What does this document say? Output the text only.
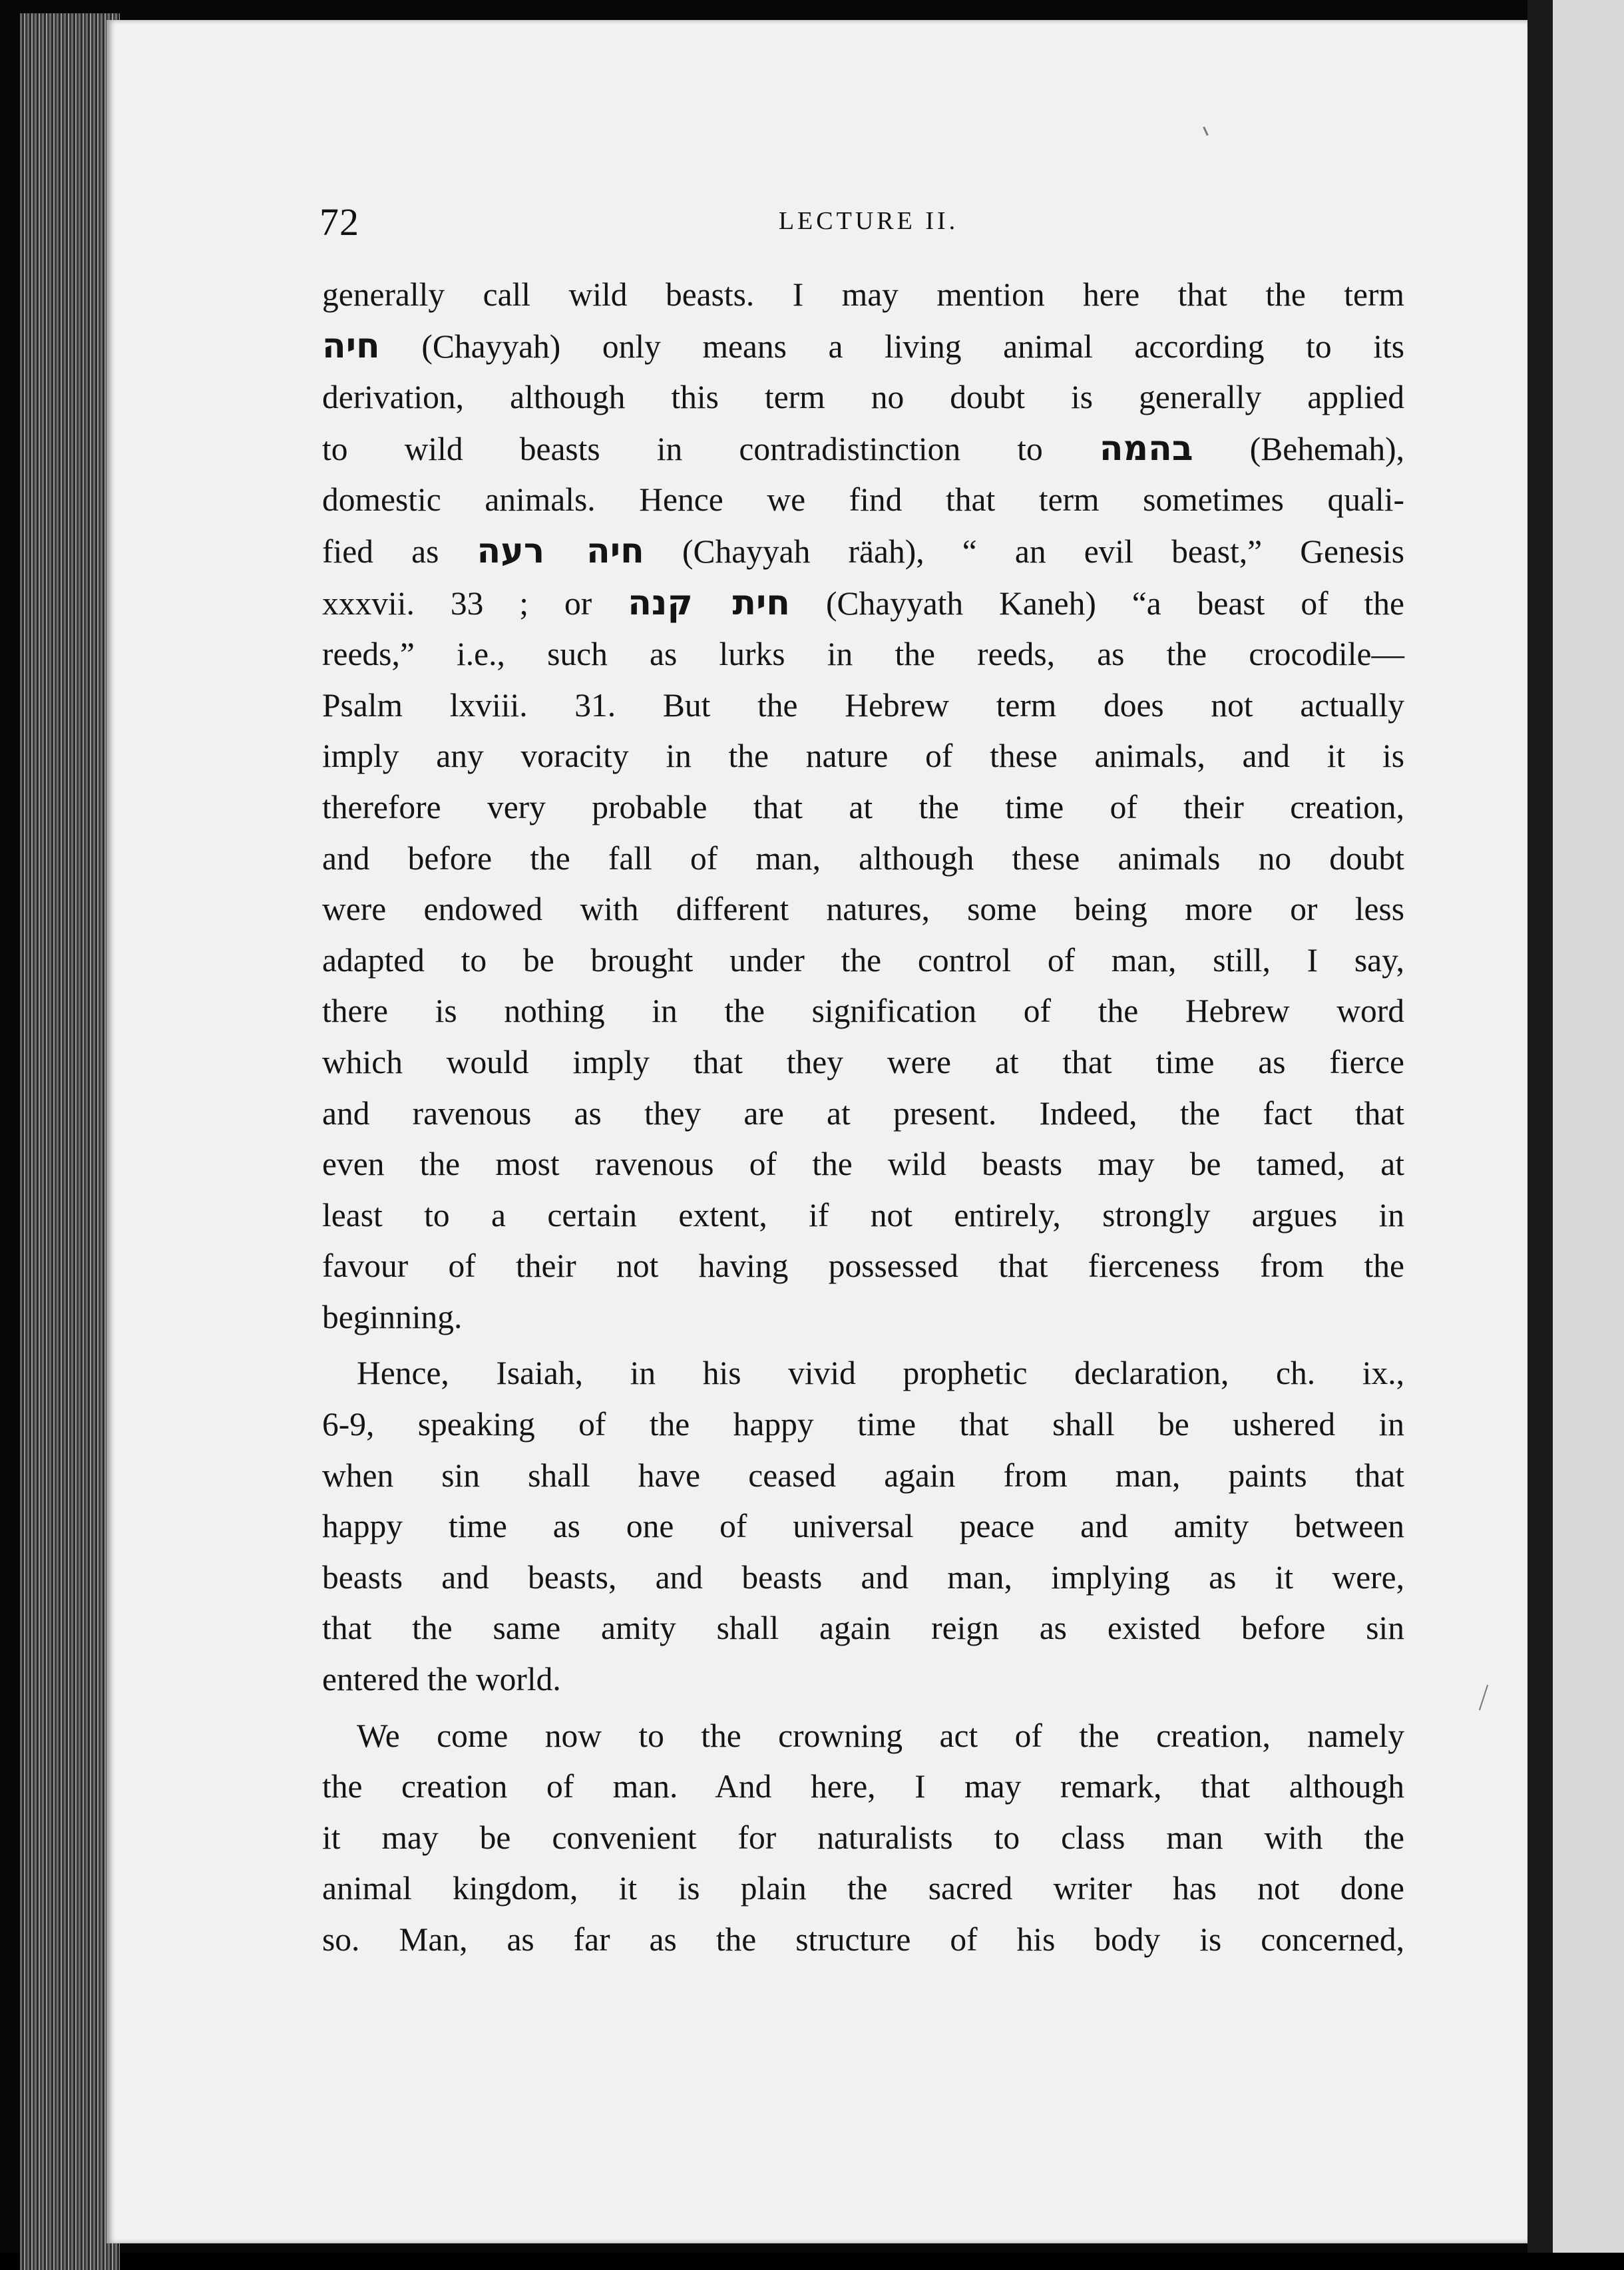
72	LECTURE II.

generally call wild beasts. I may mention here that the term
חיה (Chayyah) only means a living animal according to its
derivation, although this term no doubt is generally applied
to wild beasts in contradistinction to בהמה (Behemah),
domestic animals. Hence we find that term sometimes quali-
fied as חיה רעה (Chayyah räah), “ an evil beast,” Genesis
xxxvii. 33 ; or חית קנה (Chayyath Kaneh) “a beast of the
reeds,” i.e., such as lurks in the reeds, as the crocodile—
Psalm lxviii. 31. But the Hebrew term does not actually
imply any voracity in the nature of these animals, and it is
therefore very probable that at the time of their creation,
and before the fall of man, although these animals no doubt
were endowed with different natures, some being more or less
adapted to be brought under the control of man, still, I say,
there is nothing in the signification of the Hebrew word
which would imply that they were at that time as fierce
and ravenous as they are at present. Indeed, the fact that
even the most ravenous of the wild beasts may be tamed, at
least to a certain extent, if not entirely, strongly argues in
favour of their not having possessed that fierceness from the
beginning.

Hence, Isaiah, in his vivid prophetic declaration, ch. ix.,
6-9, speaking of the happy time that shall be ushered in
when sin shall have ceased again from man, paints that
happy time as one of universal peace and amity between
beasts and beasts, and beasts and man, implying as it were,
that the same amity shall again reign as existed before sin
entered the world.

We come now to the crowning act of the creation, namely
the creation of man. And here, I may remark, that although
it may be convenient for naturalists to class man with the
animal kingdom, it is plain the sacred writer has not done
so. Man, as far as the structure of his body is concerned,
